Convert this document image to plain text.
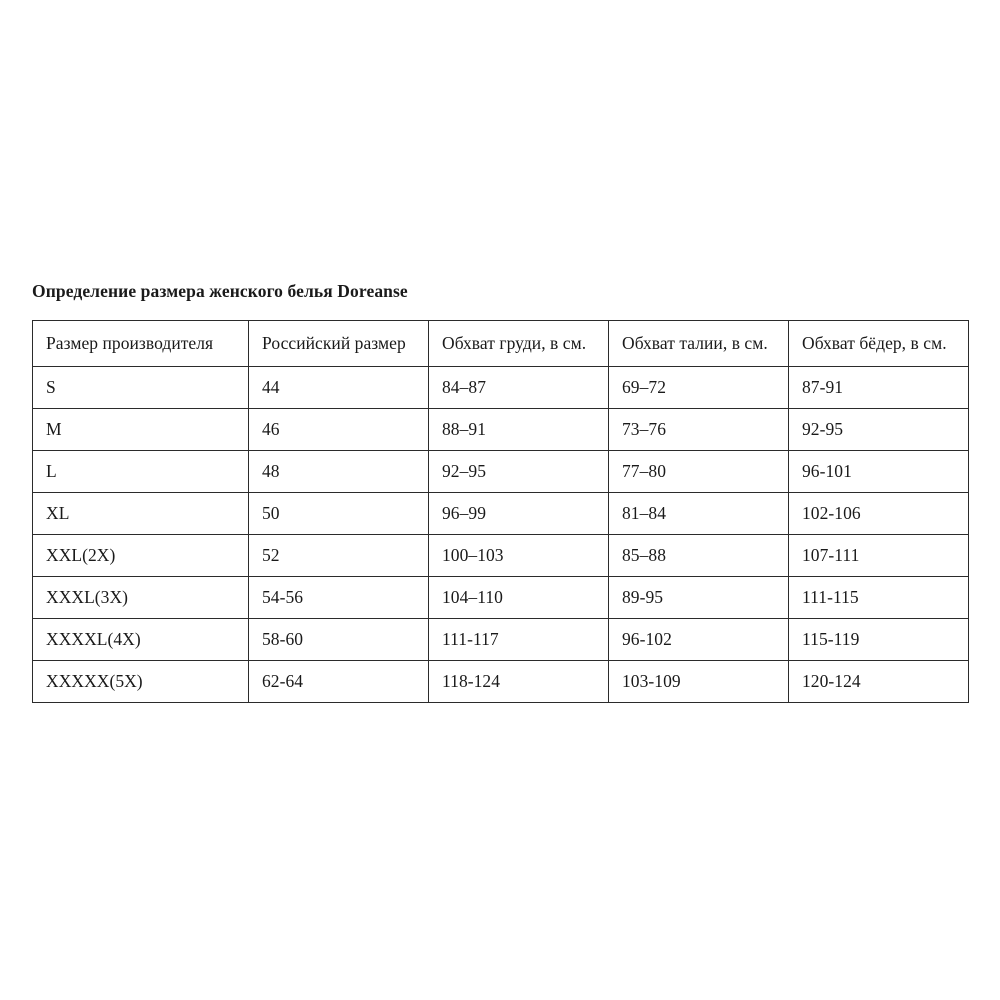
Определение размера женского белья Doreanse
Размер производителя	Российский размер	Обхват груди, в см.	Обхват талии, в см.	Обхват бёдер, в см.
S	44	84–87	69–72	87-91
M	46	88–91	73–76	92-95
L	48	92–95	77–80	96-101
XL	50	96–99	81–84	102-106
XXL(2X)	52	100–103	85–88	107-111
XXXL(3X)	54-56	104–110	89-95	111-115
XXXXL(4X)	58-60	111-117	96-102	115-119
XXXXX(5X)	62-64	118-124	103-109	120-124
